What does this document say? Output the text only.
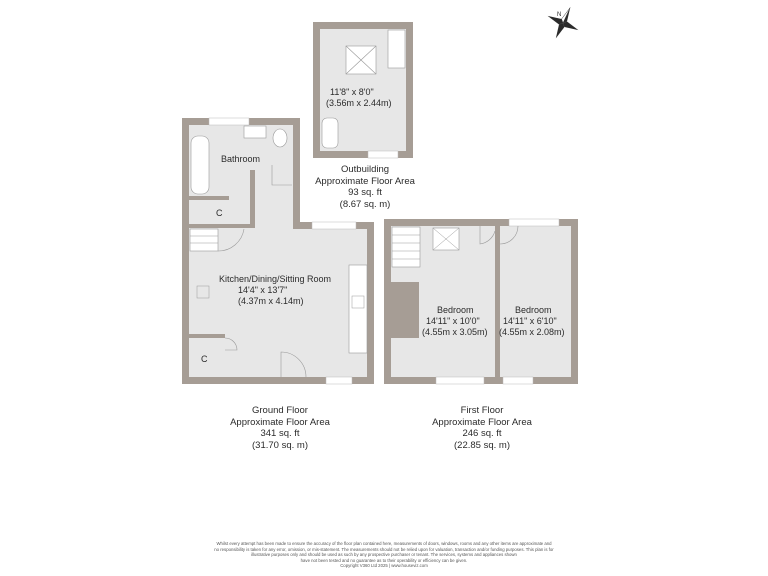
11'8" x 8'0"
(3.56m x 2.44m)
Bathroom
C
C
Kitchen/Dining/Sitting Room
14'4" x 13'7"
(4.37m x 4.14m)
Bedroom
14'11" x 10'0"
(4.55m x 3.05m)
Bedroom
14'11" x 6'10"
(4.55m x 2.08m)
N
Outbuilding
Approximate Floor Area
93 sq. ft
(8.67 sq. m)
Ground Floor
Approximate Floor Area
341 sq. ft
(31.70 sq. m)
First Floor
Approximate Floor Area
246 sq. ft
(22.85 sq. m)
Whilst every attempt has been made to ensure the accuracy of the floor plan contained here, measurements of doors, windows, rooms and any other items are approximate and
no responsibility is taken for any error, omission, or mis-statement. The measurements should not be relied upon for valuation, transaction and/or funding purposes. This plan is for
illustrative purposes only and should be used as such by any prospective purchaser or tenant. The services, systems and appliances shown
have not been tested and no guarantee as to their operability or efficiency can be given.
Copyright V360 Ltd 2025 | www.houseviz.com
